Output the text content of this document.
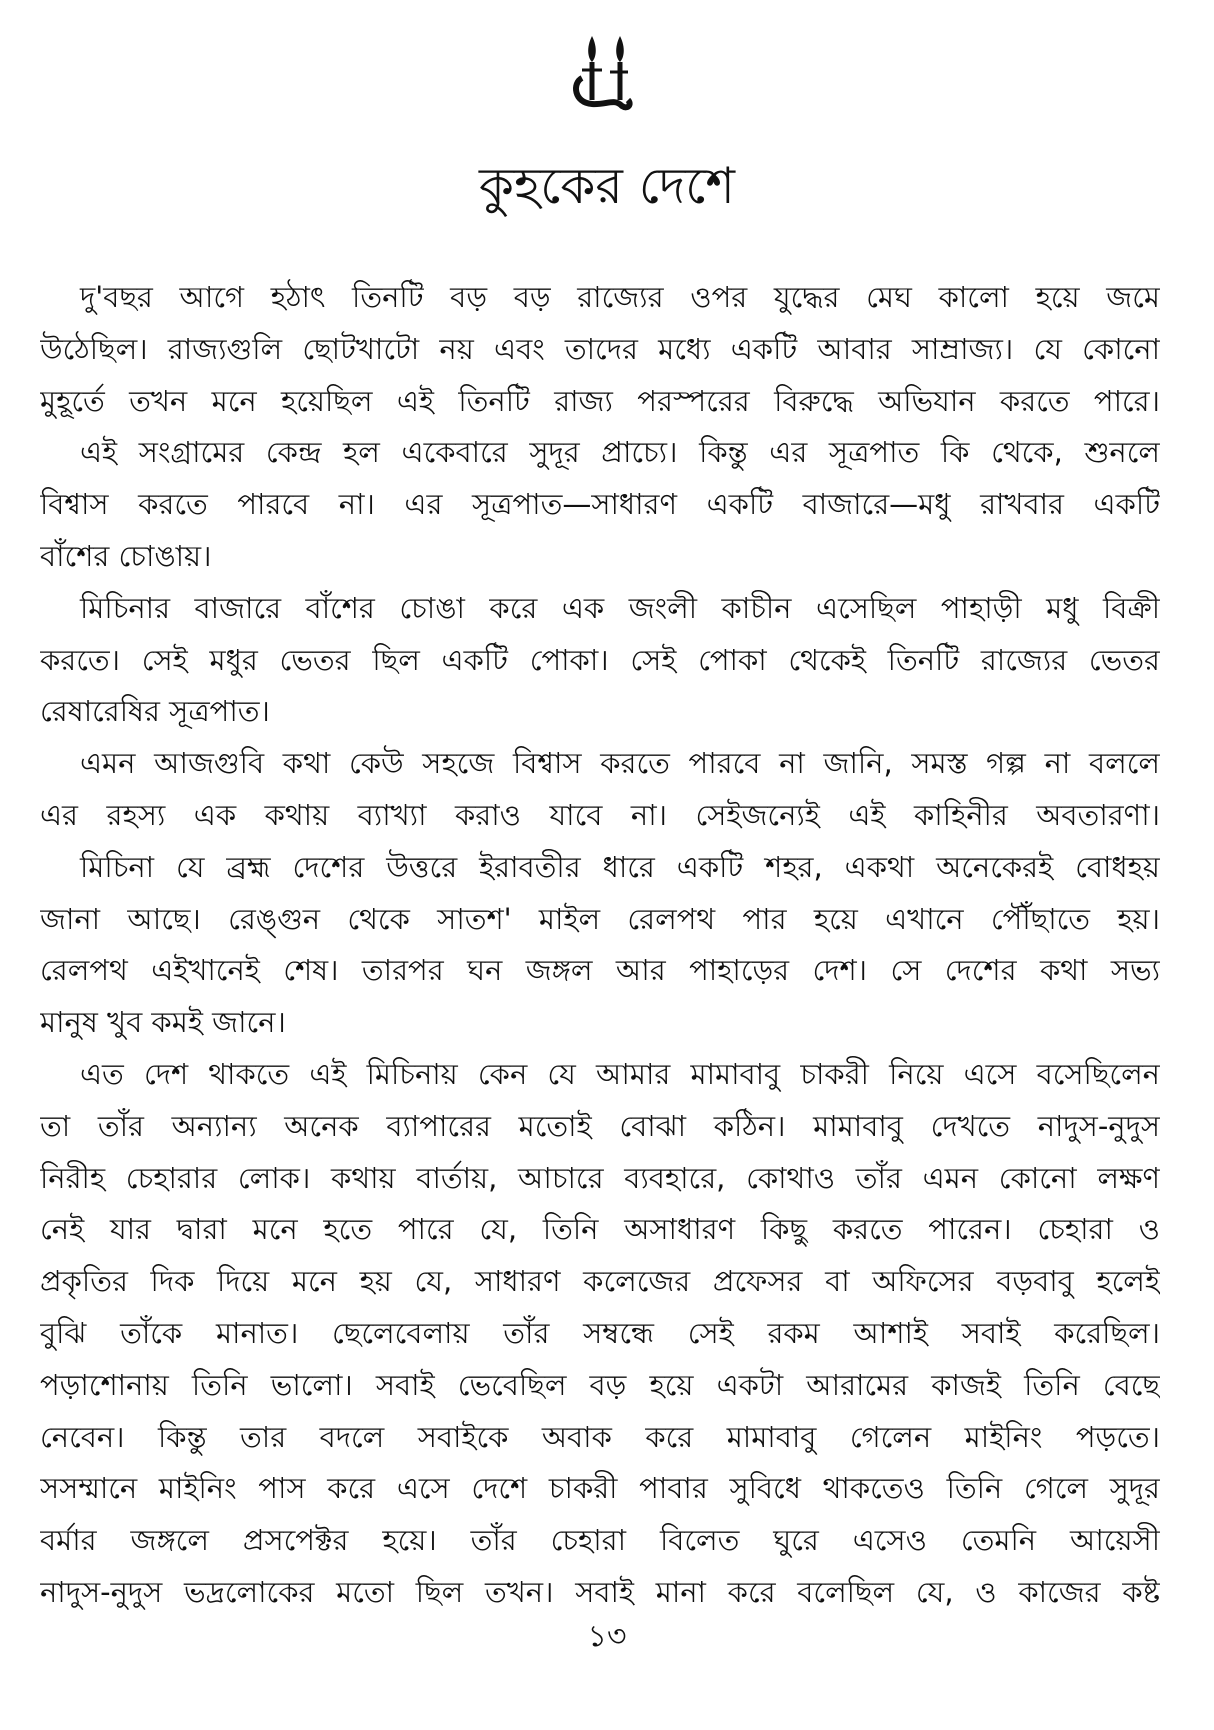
কুহকের দেশে
দু'বছর আগে হঠাৎ তিনটি বড় বড় রাজ্যের ওপর যুদ্ধের মেঘ কালো হয়ে জমে
উঠেছিল। রাজ্যগুলি ছোটখাটো নয় এবং তাদের মধ্যে একটি আবার সাম্রাজ্য। যে কোনো
মুহূর্তে তখন মনে হয়েছিল এই তিনটি রাজ্য পরস্পরের বিরুদ্ধে অভিযান করতে পারে।
এই সংগ্রামের কেন্দ্র হল একেবারে সুদূর প্রাচ্যে। কিন্তু এর সূত্রপাত কি থেকে, শুনলে
বিশ্বাস করতে পারবে না। এর সূত্রপাত—সাধারণ একটি বাজারে—মধু রাখবার একটি
বাঁশের চোঙায়।
মিচিনার বাজারে বাঁশের চোঙা করে এক জংলী কাচীন এসেছিল পাহাড়ী মধু বিক্রী
করতে। সেই মধুর ভেতর ছিল একটি পোকা। সেই পোকা থেকেই তিনটি রাজ্যের ভেতর
রেষারেষির সূত্রপাত।
এমন আজগুবি কথা কেউ সহজে বিশ্বাস করতে পারবে না জানি, সমস্ত গল্প না বললে
এর রহস্য এক কথায় ব্যাখ্যা করাও যাবে না। সেইজন্যেই এই কাহিনীর অবতারণা।
মিচিনা যে ব্রহ্ম দেশের উত্তরে ইরাবতীর ধারে একটি শহর, একথা অনেকেরই বোধহয়
জানা আছে। রেঙ্গুন থেকে সাতশ' মাইল রেলপথ পার হয়ে এখানে পৌঁছাতে হয়।
রেলপথ এইখানেই শেষ। তারপর ঘন জঙ্গল আর পাহাড়ের দেশ। সে দেশের কথা সভ্য
মানুষ খুব কমই জানে।
এত দেশ থাকতে এই মিচিনায় কেন যে আমার মামাবাবু চাকরী নিয়ে এসে বসেছিলেন
তা তাঁর অন্যান্য অনেক ব্যাপারের মতোই বোঝা কঠিন। মামাবাবু দেখতে নাদুস-নুদুস
নিরীহ চেহারার লোক। কথায় বার্তায়, আচারে ব্যবহারে, কোথাও তাঁর এমন কোনো লক্ষণ
নেই যার দ্বারা মনে হতে পারে যে, তিনি অসাধারণ কিছু করতে পারেন। চেহারা ও
প্রকৃতির দিক দিয়ে মনে হয় যে, সাধারণ কলেজের প্রফেসর বা অফিসের বড়বাবু হলেই
বুঝি তাঁকে মানাত। ছেলেবেলায় তাঁর সম্বন্ধে সেই রকম আশাই সবাই করেছিল।
পড়াশোনায় তিনি ভালো। সবাই ভেবেছিল বড় হয়ে একটা আরামের কাজই তিনি বেছে
নেবেন। কিন্তু তার বদলে সবাইকে অবাক করে মামাবাবু গেলেন মাইনিং পড়তে।
সসম্মানে মাইনিং পাস করে এসে দেশে চাকরী পাবার সুবিধে থাকতেও তিনি গেলে সুদূর
বর্মার জঙ্গলে প্রসপেক্টর হয়ে। তাঁর চেহারা বিলেত ঘুরে এসেও তেমনি আয়েসী
নাদুস-নুদুস ভদ্রলোকের মতো ছিল তখন। সবাই মানা করে বলেছিল যে, ও কাজের কষ্ট
১৩
